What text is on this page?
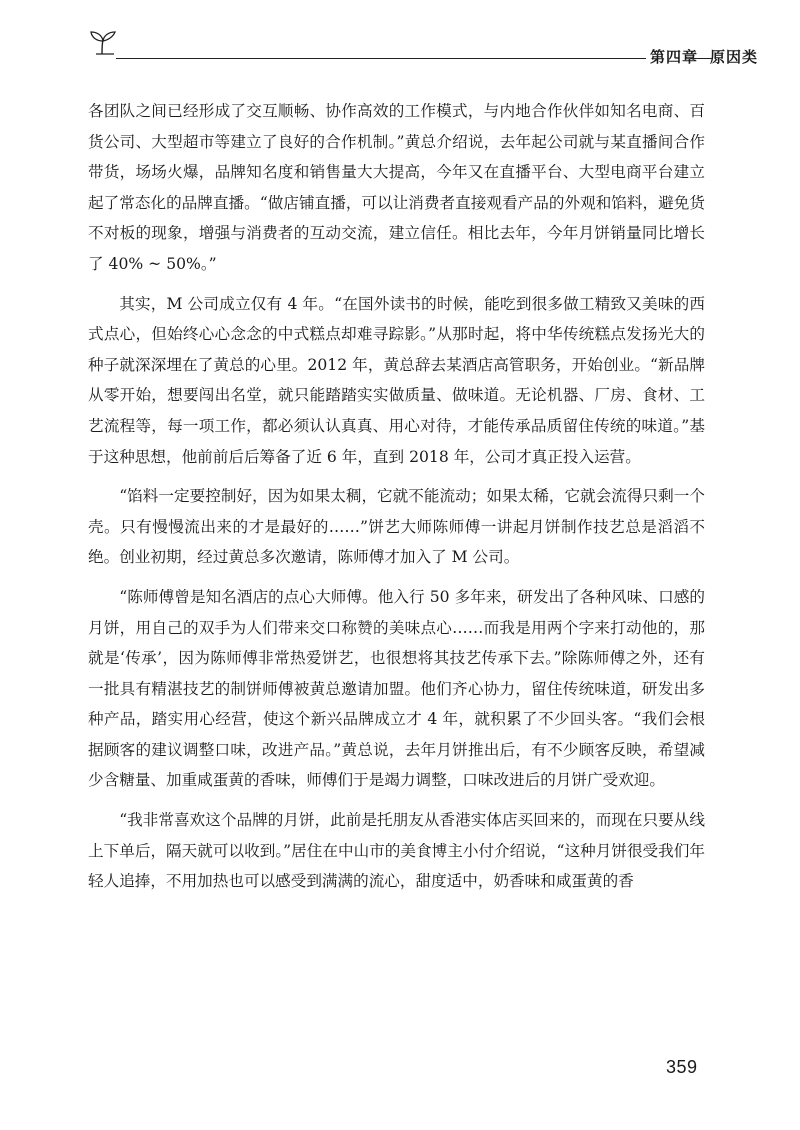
第四章 原因类

各团队之间已经形成了交互顺畅、协作高效的工作模式，与内地合作伙伴如知名电商、百货公司、大型超市等建立了良好的合作机制。”黄总介绍说，去年起公司就与某直播间合作带货，场场火爆，品牌知名度和销售量大大提高，今年又在直播平台、大型电商平台建立起了常态化的品牌直播。“做店铺直播，可以让消费者直接观看产品的外观和馅料，避免货不对板的现象，增强与消费者的互动交流，建立信任。相比去年，今年月饼销量同比增长了 40% ~ 50%。”

其实，M 公司成立仅有 4 年。“在国外读书的时候，能吃到很多做工精致又美味的西式点心，但始终心心念念的中式糕点却难寻踪影。”从那时起，将中华传统糕点发扬光大的种子就深深埋在了黄总的心里。2012 年，黄总辞去某酒店高管职务，开始创业。“新品牌从零开始，想要闯出名堂，就只能踏踏实实做质量、做味道。无论机器、厂房、食材、工艺流程等，每一项工作，都必须认认真真、用心对待，才能传承品质留住传统的味道。”基于这种思想，他前前后后筹备了近 6 年，直到 2018 年，公司才真正投入运营。

“馅料一定要控制好，因为如果太稠，它就不能流动；如果太稀，它就会流得只剩一个壳。只有慢慢流出来的才是最好的……”饼艺大师陈师傅一讲起月饼制作技艺总是滔滔不绝。创业初期，经过黄总多次邀请，陈师傅才加入了 M 公司。

“陈师傅曾是知名酒店的点心大师傅。他入行 50 多年来，研发出了各种风味、口感的月饼，用自己的双手为人们带来交口称赞的美味点心……而我是用两个字来打动他的，那就是‘传承’，因为陈师傅非常热爱饼艺，也很想将其技艺传承下去。”除陈师傅之外，还有一批具有精湛技艺的制饼师傅被黄总邀请加盟。他们齐心协力，留住传统味道，研发出多种产品，踏实用心经营，使这个新兴品牌成立才 4 年，就积累了不少回头客。“我们会根据顾客的建议调整口味，改进产品。”黄总说，去年月饼推出后，有不少顾客反映，希望减少含糖量、加重咸蛋黄的香味，师傅们于是竭力调整，口味改进后的月饼广受欢迎。

“我非常喜欢这个品牌的月饼，此前是托朋友从香港实体店买回来的，而现在只要从线上下单后，隔天就可以收到。”居住在中山市的美食博主小付介绍说，“这种月饼很受我们年轻人追捧，不用加热也可以感受到满满的流心，甜度适中，奶香味和咸蛋黄的香

359
